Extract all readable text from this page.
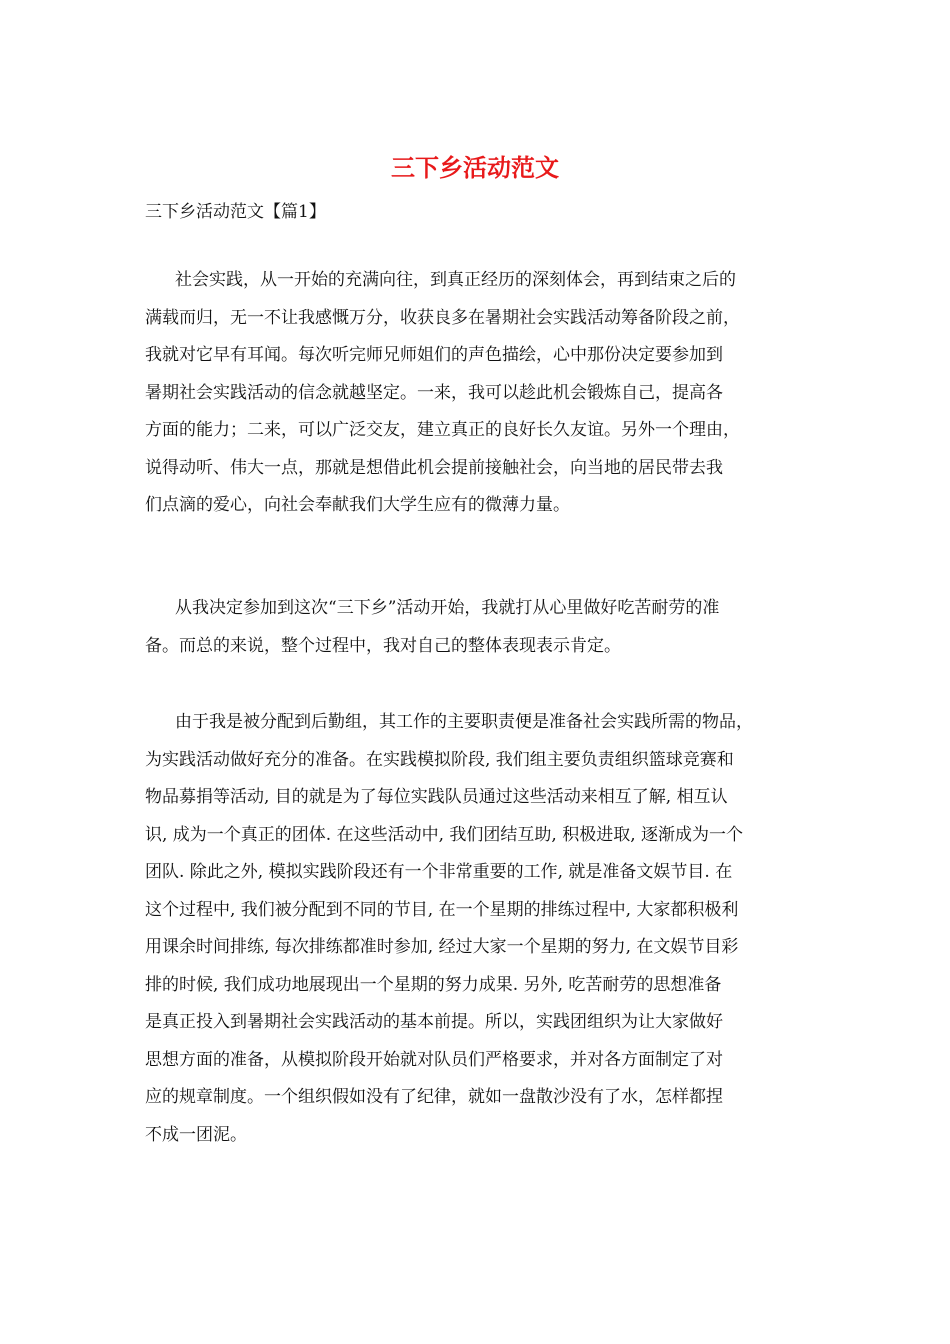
三下乡活动范文

三下乡活动范文【篇1】

社会实践，从一开始的充满向往，到真正经历的深刻体会，再到结束之后的
满载而归，无一不让我感慨万分，收获良多在暑期社会实践活动筹备阶段之前，
我就对它早有耳闻。每次听完师兄师姐们的声色描绘，心中那份决定要参加到
暑期社会实践活动的信念就越坚定。一来，我可以趁此机会锻炼自己，提高各
方面的能力；二来，可以广泛交友，建立真正的良好长久友谊。另外一个理由，
说得动听、伟大一点，那就是想借此机会提前接触社会，向当地的居民带去我
们点滴的爱心，向社会奉献我们大学生应有的微薄力量。
从我决定参加到这次“三下乡”活动开始，我就打从心里做好吃苦耐劳的准
备。而总的来说，整个过程中，我对自己的整体表现表示肯定。
由于我是被分配到后勤组，其工作的主要职责便是准备社会实践所需的物品，
为实践活动做好充分的准备。在实践模拟阶段, 我们组主要负责组织篮球竞赛和
物品募捐等活动, 目的就是为了每位实践队员通过这些活动来相互了解, 相互认
识, 成为一个真正的团体. 在这些活动中, 我们团结互助, 积极进取, 逐渐成为一个
团队. 除此之外, 模拟实践阶段还有一个非常重要的工作, 就是准备文娱节目. 在
这个过程中, 我们被分配到不同的节目, 在一个星期的排练过程中, 大家都积极利
用课余时间排练, 每次排练都准时参加, 经过大家一个星期的努力, 在文娱节目彩
排的时候, 我们成功地展现出一个星期的努力成果. 另外, 吃苦耐劳的思想准备
是真正投入到暑期社会实践活动的基本前提。所以，实践团组织为让大家做好
思想方面的准备，从模拟阶段开始就对队员们严格要求，并对各方面制定了对
应的规章制度。一个组织假如没有了纪律，就如一盘散沙没有了水，怎样都捏
不成一团泥。
